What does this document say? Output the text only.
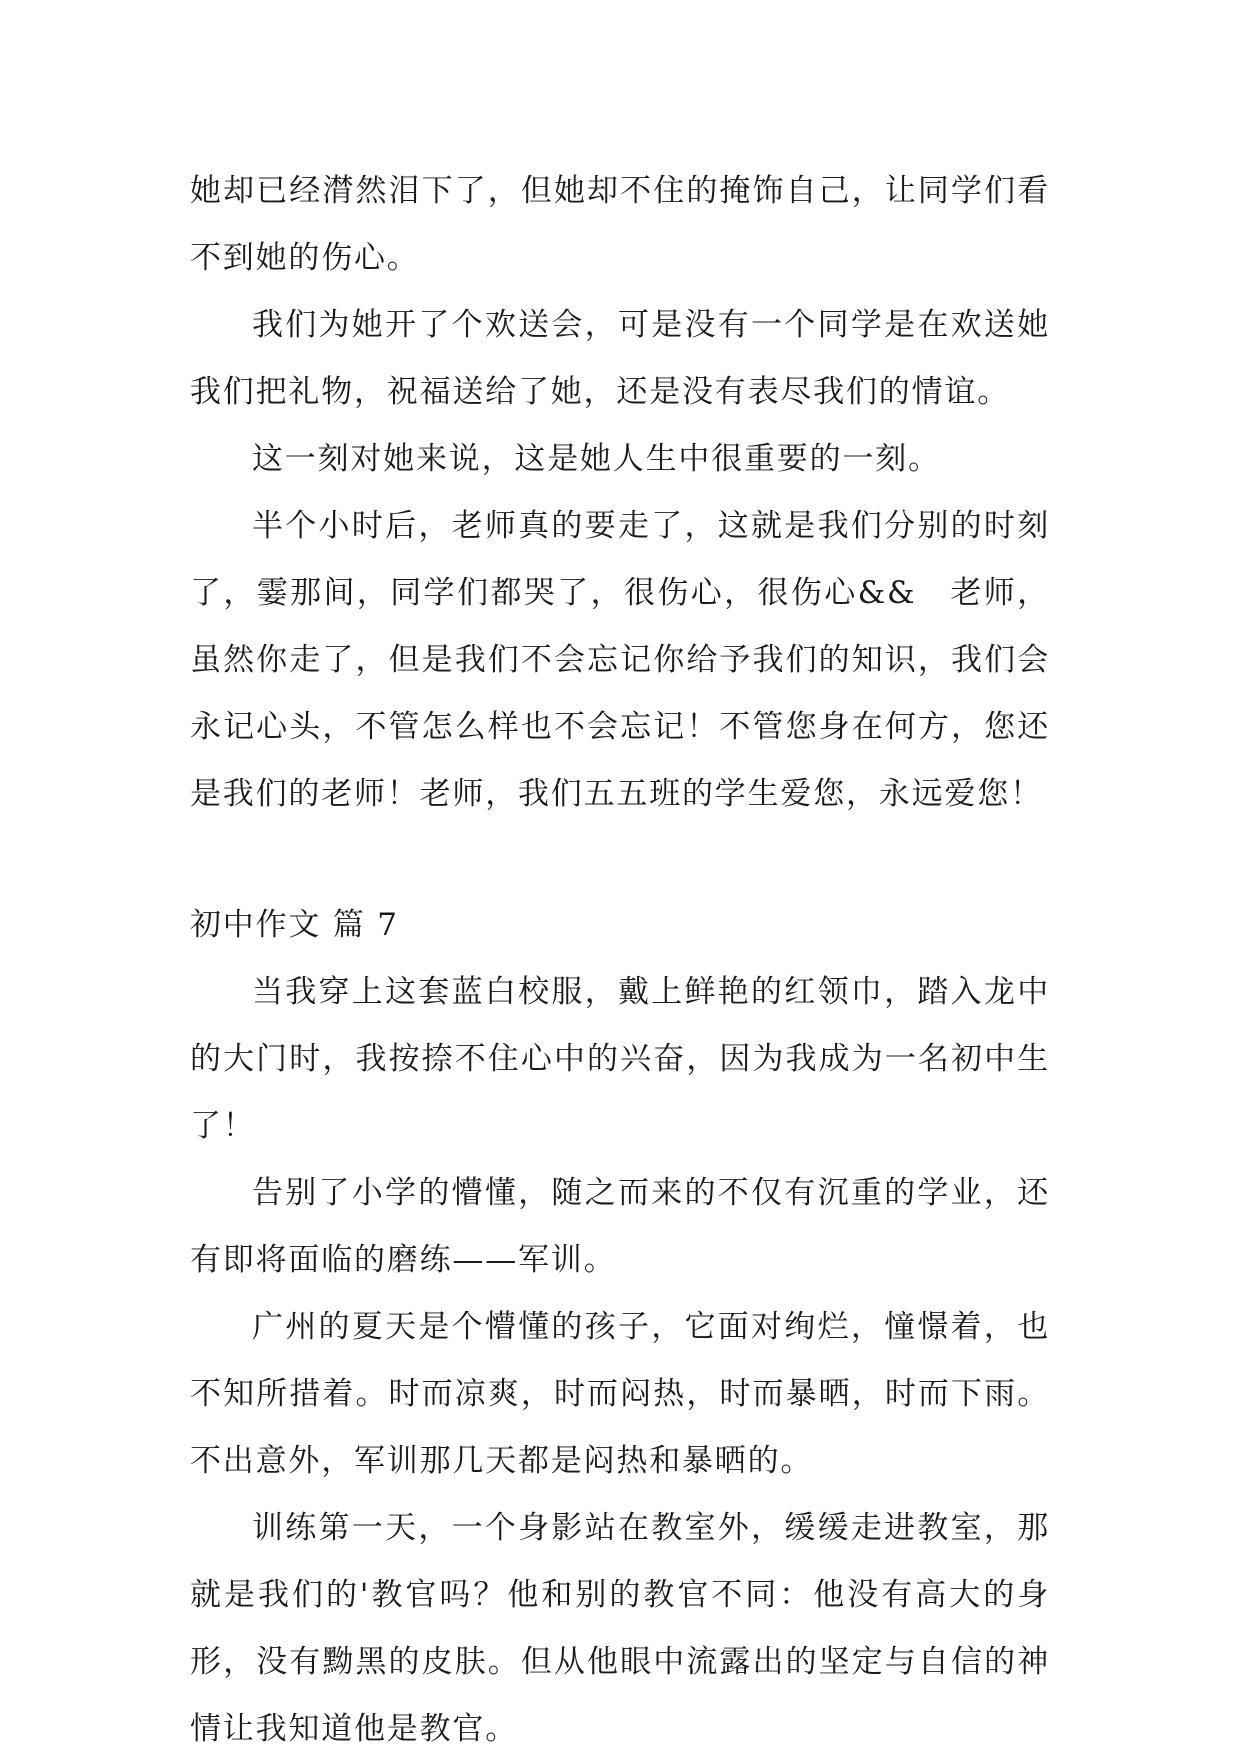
她却已经潸然泪下了，但她却不住的掩饰自己，让同学们看不到她的伤心。

我们为她开了个欢送会，可是没有一个同学是在欢送她我们把礼物，祝福送给了她，还是没有表尽我们的情谊。

这一刻对她来说，这是她人生中很重要的一刻。

半个小时后，老师真的要走了，这就是我们分别的时刻了，霎那间，同学们都哭了，很伤心，很伤心&&　老师，虽然你走了，但是我们不会忘记你给予我们的知识，我们会永记心头，不管怎么样也不会忘记！不管您身在何方，您还是我们的老师！老师，我们五五班的学生爱您，永远爱您！

初中作文 篇 7

当我穿上这套蓝白校服，戴上鲜艳的红领巾，踏入龙中的大门时，我按捺不住心中的兴奋，因为我成为一名初中生了！

告别了小学的懵懂，随之而来的不仅有沉重的学业，还有即将面临的磨练——军训。

广州的夏天是个懵懂的孩子，它面对绚烂，憧憬着，也不知所措着。时而凉爽，时而闷热，时而暴晒，时而下雨。不出意外，军训那几天都是闷热和暴晒的。

训练第一天，一个身影站在教室外，缓缓走进教室，那就是我们的'教官吗？他和别的教官不同：他没有高大的身形，没有黝黑的皮肤。但从他眼中流露出的坚定与自信的神情让我知道他是教官。
